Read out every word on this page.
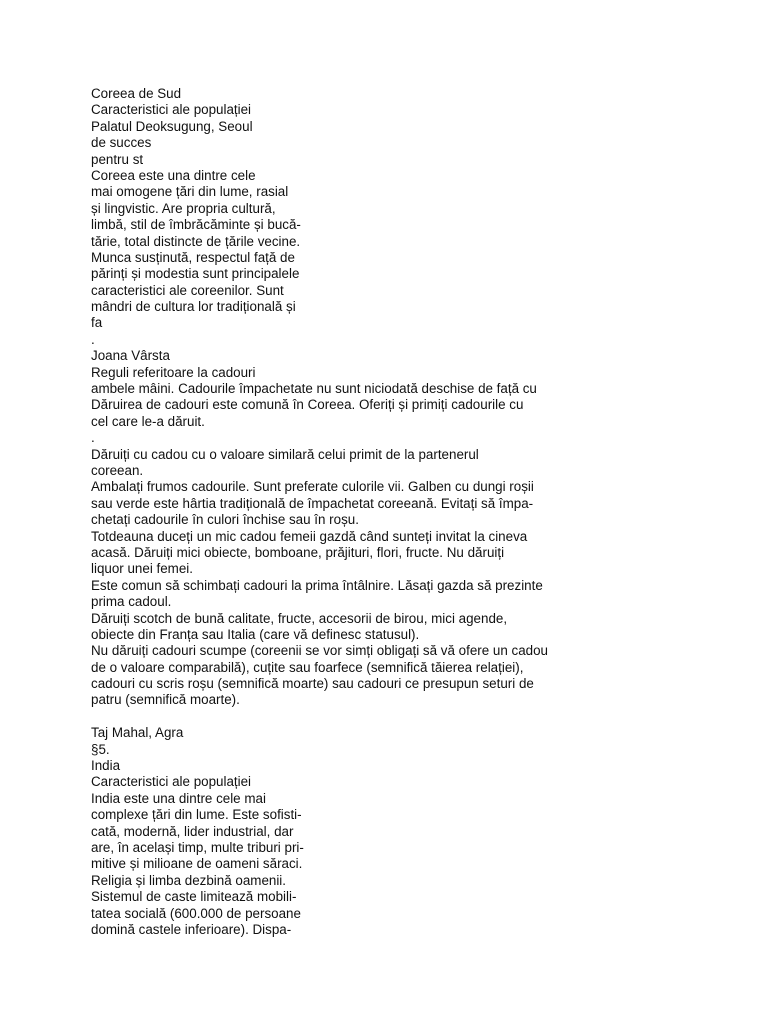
Coreea de Sud
Caracteristici ale populației
Palatul Deoksugung, Seoul
de succes
pentru st
Coreea este una dintre cele
mai omogene țări din lume, rasial
și lingvistic. Are propria cultură,
limbă, stil de îmbrăcăminte și bucă-
tărie, total distincte de țările vecine.
Munca susținută, respectul față de
părinți și modestia sunt principalele
caracteristici ale coreenilor. Sunt
mândri de cultura lor tradițională și
fa
.
Joana Vârsta
Reguli referitoare la cadouri
ambele mâini. Cadourile împachetate nu sunt niciodată deschise de față cu
Dăruirea de cadouri este comună în Coreea. Oferiți și primiți cadourile cu
cel care le-a dăruit.
.
Dăruiți cu cadou cu o valoare similară celui primit de la partenerul
coreean.
Ambalați frumos cadourile. Sunt preferate culorile vii. Galben cu dungi roșii
sau verde este hârtia tradițională de împachetat coreeană. Evitați să împa-
chetați cadourile în culori închise sau în roșu.
Totdeauna duceți un mic cadou femeii gazdă când sunteți invitat la cineva
acasă. Dăruiți mici obiecte, bomboane, prăjituri, flori, fructe. Nu dăruiți
liquor unei femei.
Este comun să schimbați cadouri la prima întâlnire. Lăsați gazda să prezinte
prima cadoul.
Dăruiți scotch de bună calitate, fructe, accesorii de birou, mici agende,
obiecte din Franța sau Italia (care vă definesc statusul).
Nu dăruiți cadouri scumpe (coreenii se vor simți obligați să vă ofere un cadou
de o valoare comparabilă), cuțite sau foarfece (semnifică tăierea relației),
cadouri cu scris roșu (semnifică moarte) sau cadouri ce presupun seturi de
patru (semnifică moarte).
Taj Mahal, Agra
§5.
India
Caracteristici ale populației
India este una dintre cele mai
complexe țări din lume. Este sofisti-
cată, modernă, lider industrial, dar
are, în același timp, multe triburi pri-
mitive și milioane de oameni săraci.
Religia și limba dezbină oamenii.
Sistemul de caste limitează mobili-
tatea socială (600.000 de persoane
domină castele inferioare). Dispa-
